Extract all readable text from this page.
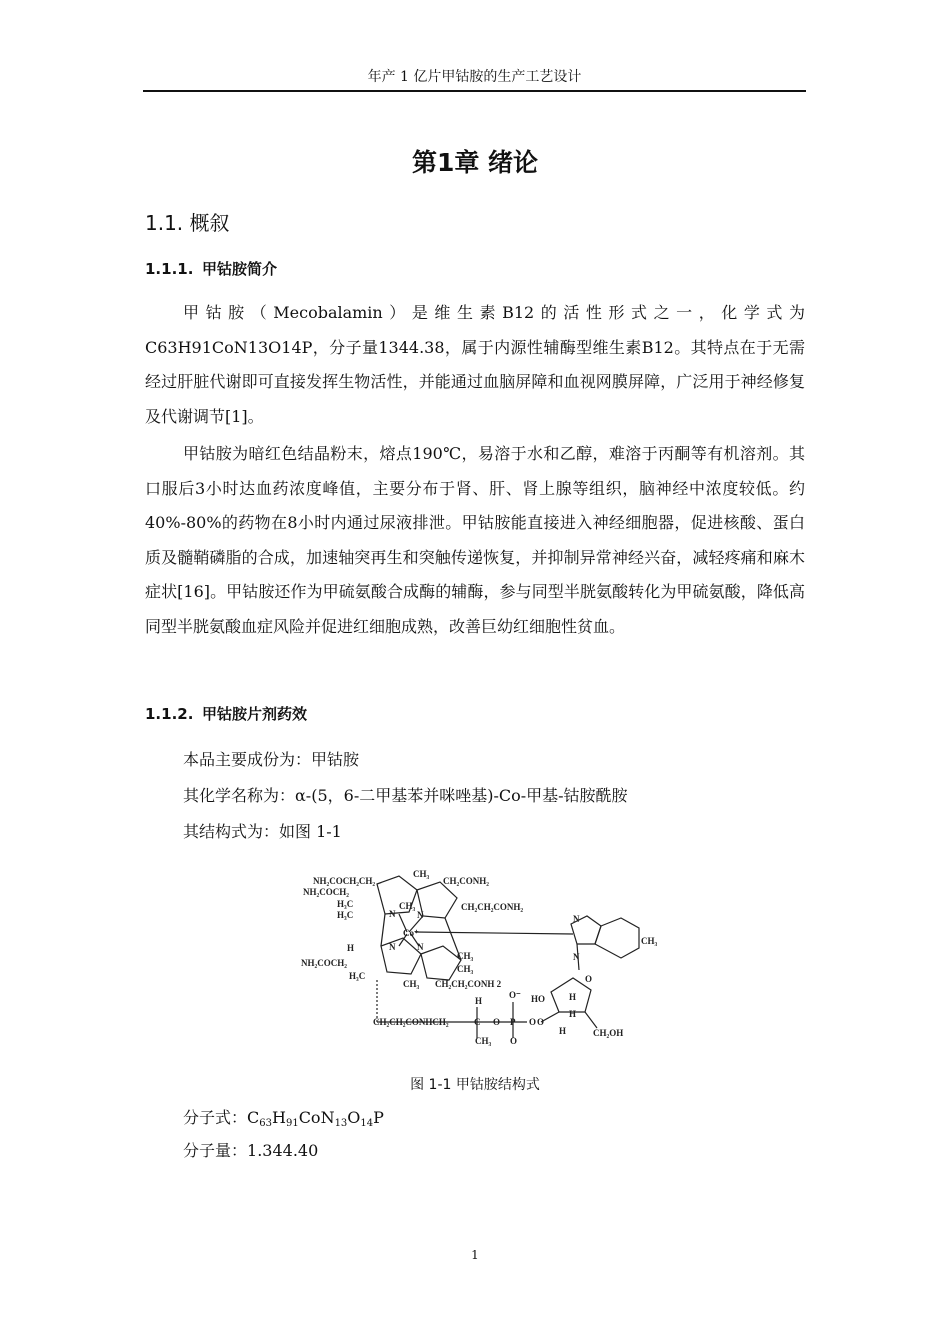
年产 1 亿片甲钴胺的生产工艺设计
第1章 绪论
1.1. 概叙
1.1.1. 甲钴胺简介

甲钴胺（Mecobalamin）是维生素B12的活性形式之一，化学式为C63H91CoN13O14P，分子量1344.38，属于内源性辅酶型维生素B12。其特点在于无需经过肝脏代谢即可直接发挥生物活性，并能通过血脑屏障和血视网膜屏障，广泛用于神经修复及代谢调节[1]。

甲钴胺为暗红色结晶粉末，熔点190℃，易溶于水和乙醇，难溶于丙酮等有机溶剂。其口服后3小时达血药浓度峰值，主要分布于肾、肝、肾上腺等组织，脑神经中浓度较低。约40%-80%的药物在8小时内通过尿液排泄。甲钴胺能直接进入神经细胞器，促进核酸、蛋白质及髓鞘磷脂的合成，加速轴突再生和突触传递恢复，并抑制异常神经兴奋，减轻疼痛和麻木症状[16]。甲钴胺还作为甲硫氨酸合成酶的辅酶，参与同型半胱氨酸转化为甲硫氨酸，降低高同型半胱氨酸血症风险并促进红细胞成熟，改善巨幼红细胞性贫血。

1.1.2. 甲钴胺片剂药效
本品主要成份为：甲钴胺
其化学名称为：α-(5，6-二甲基苯并咪唑基)-Co-甲基-钴胺酰胺
其结构式为：如图 1-1
NH₂COCH₂CH₂
CH₃
CH₂CONH₂
NH₂COCH₂
H₃C
H₃C
CH₃	CH₂CH₂CONH₂
N N
Co⁺
H	N N
NH₂COCH₂
H₃C
CH₃
CH₃
CH₂CH₂CONH 2
CH₃
CH₃
N
N
H
O⁻ HO	H
CH₂CH₂CONHCH₂	C O P O
O
H
CH₃
O
H
CH₂OH
O
图 1-1 甲钴胺结构式
分子式：$C_{63}H_{91}CoN_{13}O_{14}P$
分子量：1.344.40
1
